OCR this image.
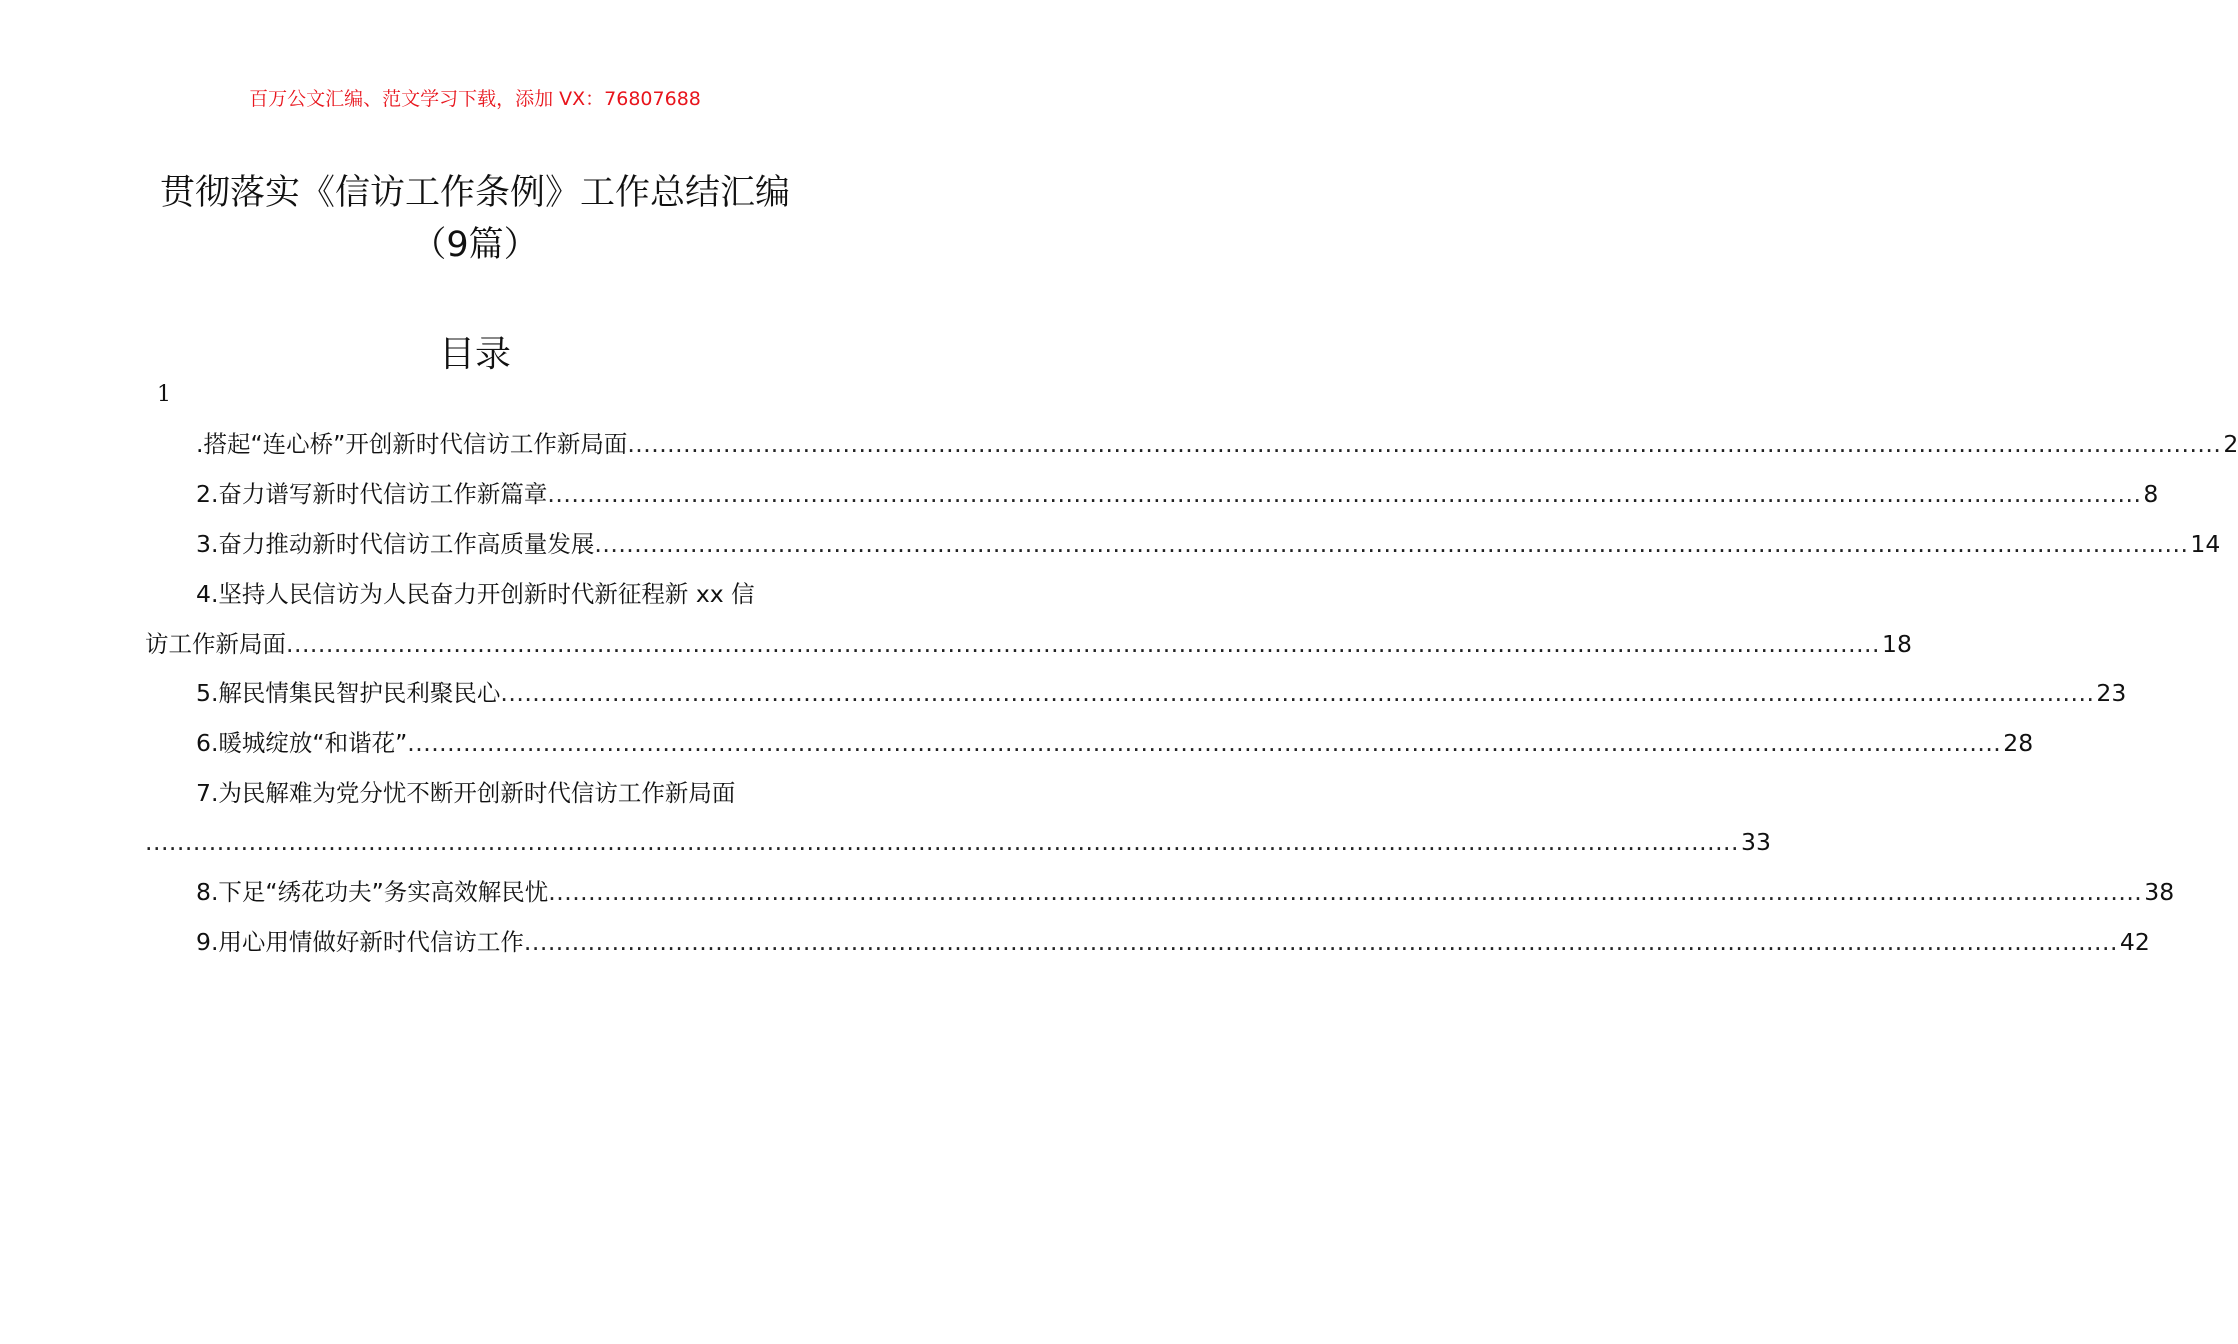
百万公文汇编、范文学习下载，添加 VX：76807688
贯彻落实《信访工作条例》工作总结汇编
（9篇）
目录
1
.搭起“连心桥”开创新时代信访工作新局面 ........................................................................................................................................................................................................ 2
2.奋力谱写新时代信访工作新篇章 ........................................................................................................................................................................................................ 8
3.奋力推动新时代信访工作高质量发展 ........................................................................................................................................................................................................ 14
4.坚持人民信访为人民奋力开创新时代新征程新 xx 信
访工作新局面 ........................................................................................................................................................................................................ 18
5.解民情集民智护民利聚民心 ........................................................................................................................................................................................................ 23
6.暖城绽放“和谐花” ........................................................................................................................................................................................................ 28
7.为民解难为党分忧不断开创新时代信访工作新局面
........................................................................................................................................................................................................ 33
8.下足“绣花功夫”务实高效解民忧 ........................................................................................................................................................................................................ 38
9.用心用情做好新时代信访工作 ........................................................................................................................................................................................................ 42
